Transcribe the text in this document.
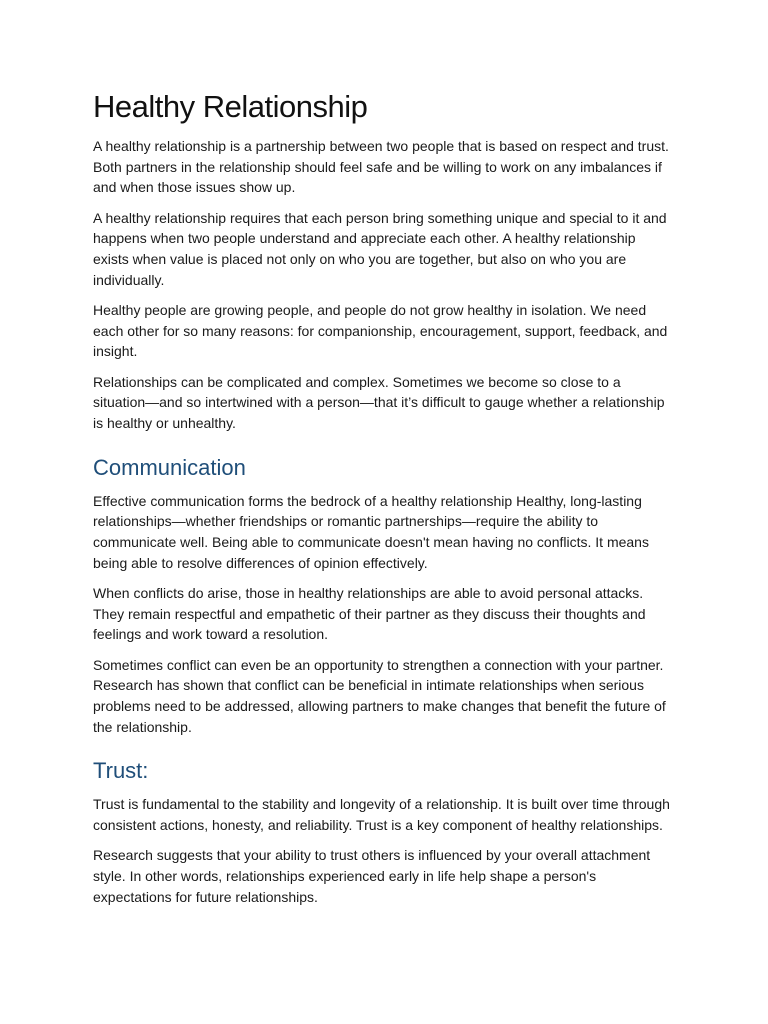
Healthy Relationship

A healthy relationship is a partnership between two people that is based on respect and trust. Both partners in the relationship should feel safe and be willing to work on any imbalances if and when those issues show up.

A healthy relationship requires that each person bring something unique and special to it and happens when two people understand and appreciate each other. A healthy relationship exists when value is placed not only on who you are together, but also on who you are individually.

Healthy people are growing people, and people do not grow healthy in isolation. We need each other for so many reasons: for companionship, encouragement, support, feedback, and insight.

Relationships can be complicated and complex. Sometimes we become so close to a situation—and so intertwined with a person—that it’s difficult to gauge whether a relationship is healthy or unhealthy.

Communication

Effective communication forms the bedrock of a healthy relationship Healthy, long-lasting relationships—whether friendships or romantic partnerships—require the ability to communicate well. Being able to communicate doesn't mean having no conflicts. It means being able to resolve differences of opinion effectively.

When conflicts do arise, those in healthy relationships are able to avoid personal attacks. They remain respectful and empathetic of their partner as they discuss their thoughts and feelings and work toward a resolution.

Sometimes conflict can even be an opportunity to strengthen a connection with your partner. Research has shown that conflict can be beneficial in intimate relationships when serious problems need to be addressed, allowing partners to make changes that benefit the future of the relationship.

Trust:

Trust is fundamental to the stability and longevity of a relationship. It is built over time through consistent actions, honesty, and reliability. Trust is a key component of healthy relationships.

Research suggests that your ability to trust others is influenced by your overall attachment style. In other words, relationships experienced early in life help shape a person's expectations for future relationships.
